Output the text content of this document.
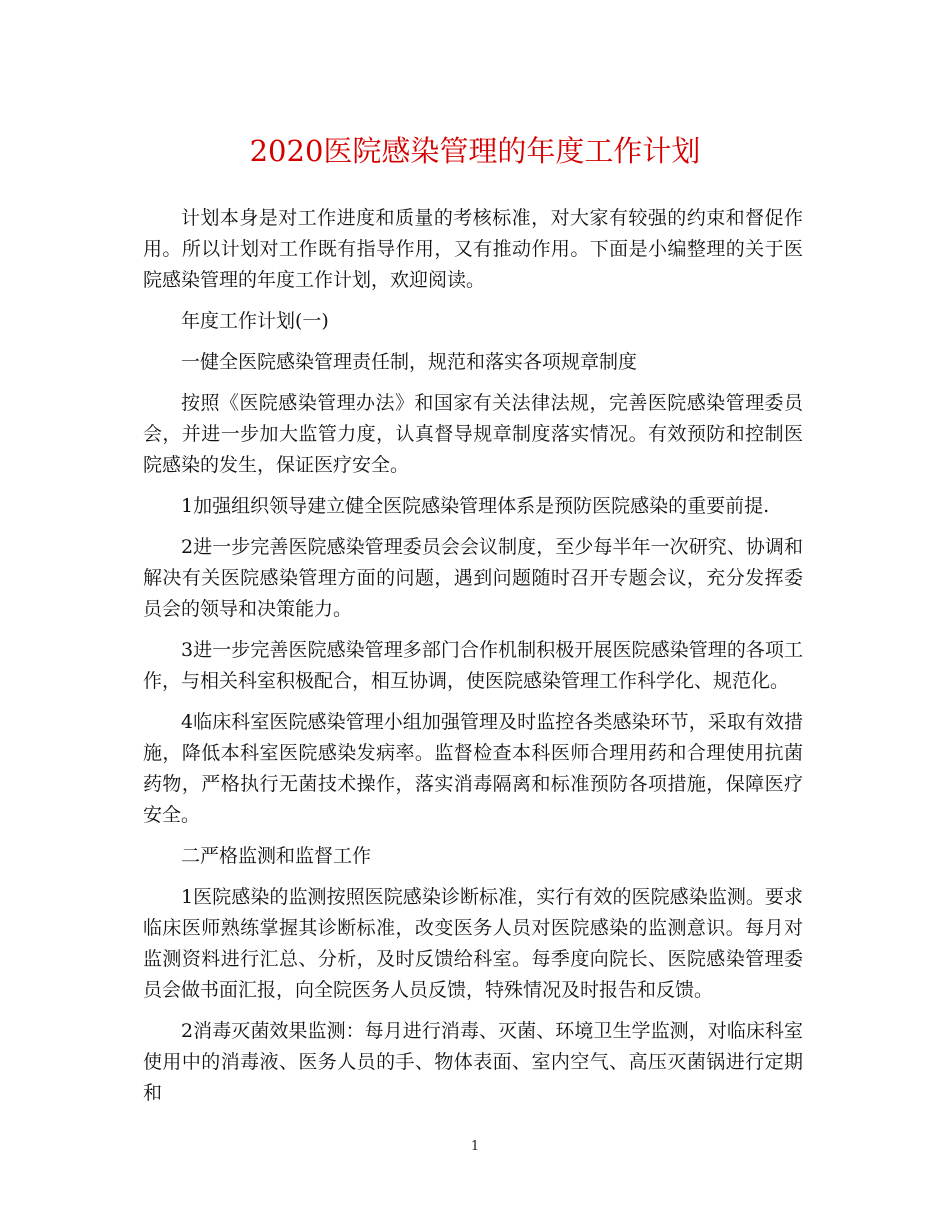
2020医院感染管理的年度工作计划

计划本身是对工作进度和质量的考核标准，对大家有较强的约束和督促作用。所以计划对工作既有指导作用，又有推动作用。下面是小编整理的关于医院感染管理的年度工作计划，欢迎阅读。

年度工作计划(一)

一健全医院感染管理责任制，规范和落实各项规章制度

按照《医院感染管理办法》和国家有关法律法规，完善医院感染管理委员会，并进一步加大监管力度，认真督导规章制度落实情况。有效预防和控制医院感染的发生，保证医疗安全。

1加强组织领导建立健全医院感染管理体系是预防医院感染的重要前提.

2进一步完善医院感染管理委员会会议制度，至少每半年一次研究、协调和解决有关医院感染管理方面的问题，遇到问题随时召开专题会议，充分发挥委员会的领导和决策能力。

3进一步完善医院感染管理多部门合作机制积极开展医院感染管理的各项工作，与相关科室积极配合，相互协调，使医院感染管理工作科学化、规范化。

4临床科室医院感染管理小组加强管理及时监控各类感染环节，采取有效措施，降低本科室医院感染发病率。监督检查本科医师合理用药和合理使用抗菌药物，严格执行无菌技术操作，落实消毒隔离和标准预防各项措施，保障医疗安全。

二严格监测和监督工作

1医院感染的监测按照医院感染诊断标准，实行有效的医院感染监测。要求临床医师熟练掌握其诊断标准，改变医务人员对医院感染的监测意识。每月对监测资料进行汇总、分析，及时反馈给科室。每季度向院长、医院感染管理委员会做书面汇报，向全院医务人员反馈，特殊情况及时报告和反馈。

2消毒灭菌效果监测：每月进行消毒、灭菌、环境卫生学监测，对临床科室使用中的消毒液、医务人员的手、物体表面、室内空气、高压灭菌锅进行定期和

1
